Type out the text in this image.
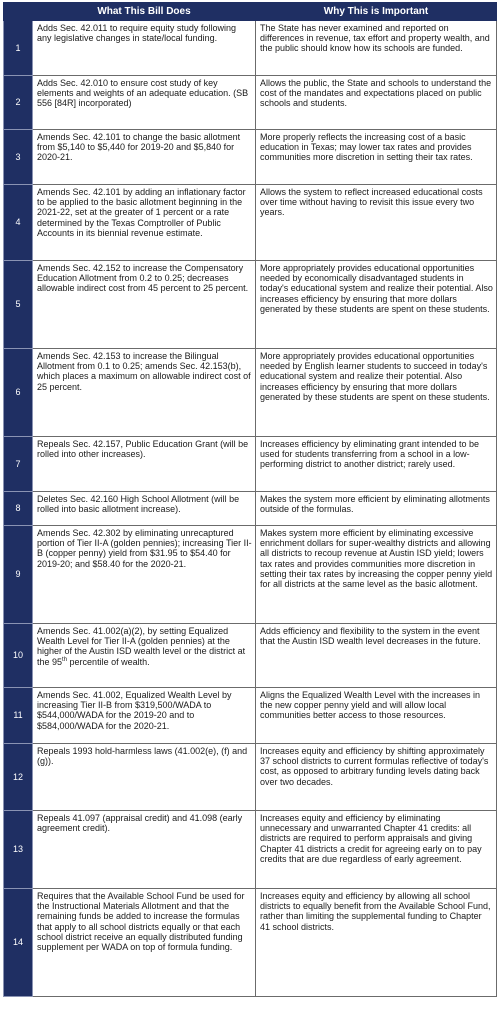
	What This Bill Does	Why This is Important
1	Adds Sec. 42.011 to require equity study following any legislative changes in state/local funding.	The State has never examined and reported on differences in revenue, tax effort and property wealth, and the public should know how its schools are funded.
2	Adds Sec. 42.010 to ensure cost study of key elements and weights of an adequate education. (SB 556 [84R] incorporated)	Allows the public, the State and schools to understand the cost of the mandates and expectations placed on public schools and students.
3	Amends Sec. 42.101 to change the basic allotment from $5,140 to $5,440 for 2019-20 and $5,840 for 2020-21.	More properly reflects the increasing cost of a basic education in Texas; may lower tax rates and provides communities more discretion in setting their tax rates.
4	Amends Sec. 42.101 by adding an inflationary factor to be applied to the basic allotment beginning in the 2021-22, set at the greater of 1 percent or a rate determined by the Texas Comptroller of Public Accounts in its biennial revenue estimate.	Allows the system to reflect increased educational costs over time without having to revisit this issue every two years.
5	Amends Sec. 42.152 to increase the Compensatory Education Allotment from 0.2 to 0.25; decreases allowable indirect cost from 45 percent to 25 percent.	More appropriately provides educational opportunities needed by economically disadvantaged students in today's educational system and realize their potential. Also increases efficiency by ensuring that more dollars generated by these students are spent on these students.
6	Amends Sec. 42.153 to increase the Bilingual Allotment from 0.1 to 0.25; amends Sec. 42.153(b), which places a maximum on allowable indirect cost of 25 percent.	More appropriately provides educational opportunities needed by English learner students to succeed in today's educational system and realize their potential. Also increases efficiency by ensuring that more dollars generated by these students are spent on these students.
7	Repeals Sec. 42.157, Public Education Grant (will be rolled into other increases).	Increases efficiency by eliminating grant intended to be used for students transferring from a school in a low-performing district to another district; rarely used.
8	Deletes Sec. 42.160 High School Allotment (will be rolled into basic allotment increase).	Makes the system more efficient by eliminating allotments outside of the formulas.
9	Amends Sec. 42.302 by eliminating unrecaptured portion of Tier II-A (golden pennies); increasing Tier II-B (copper penny) yield from $31.95 to $54.40 for 2019-20; and $58.40 for the 2020-21.	Makes system more efficient by eliminating excessive enrichment dollars for super-wealthy districts and allowing all districts to recoup revenue at Austin ISD yield; lowers tax rates and provides communities more discretion in setting their tax rates by increasing the copper penny yield for all districts at the same level as the basic allotment.
10	Amends Sec. 41.002(a)(2), by setting Equalized Wealth Level for Tier II-A (golden pennies) at the higher of the Austin ISD wealth level or the district at the 95th percentile of wealth.	Adds efficiency and flexibility to the system in the event that the Austin ISD wealth level decreases in the future.
11	Amends Sec. 41.002, Equalized Wealth Level by increasing Tier II-B from $319,500/WADA to $544,000/WADA for the 2019-20 and to $584,000/WADA for the 2020-21.	Aligns the Equalized Wealth Level with the increases in the new copper penny yield and will allow local communities better access to those resources.
12	Repeals 1993 hold-harmless laws (41.002(e), (f) and (g)).	Increases equity and efficiency by shifting approximately 37 school districts to current formulas reflective of today's cost, as opposed to arbitrary funding levels dating back over two decades.
13	Repeals 41.097 (appraisal credit) and 41.098 (early agreement credit).	Increases equity and efficiency by eliminating unnecessary and unwarranted Chapter 41 credits: all districts are required to perform appraisals and giving Chapter 41 districts a credit for agreeing early on to pay credits that are due regardless of early agreement.
14	Requires that the Available School Fund be used for the Instructional Materials Allotment and that the remaining funds be added to increase the formulas that apply to all school districts equally or that each school district receive an equally distributed funding supplement per WADA on top of formula funding.	Increases equity and efficiency by allowing all school districts to equally benefit from the Available School Fund, rather than limiting the supplemental funding to Chapter 41 school districts.
